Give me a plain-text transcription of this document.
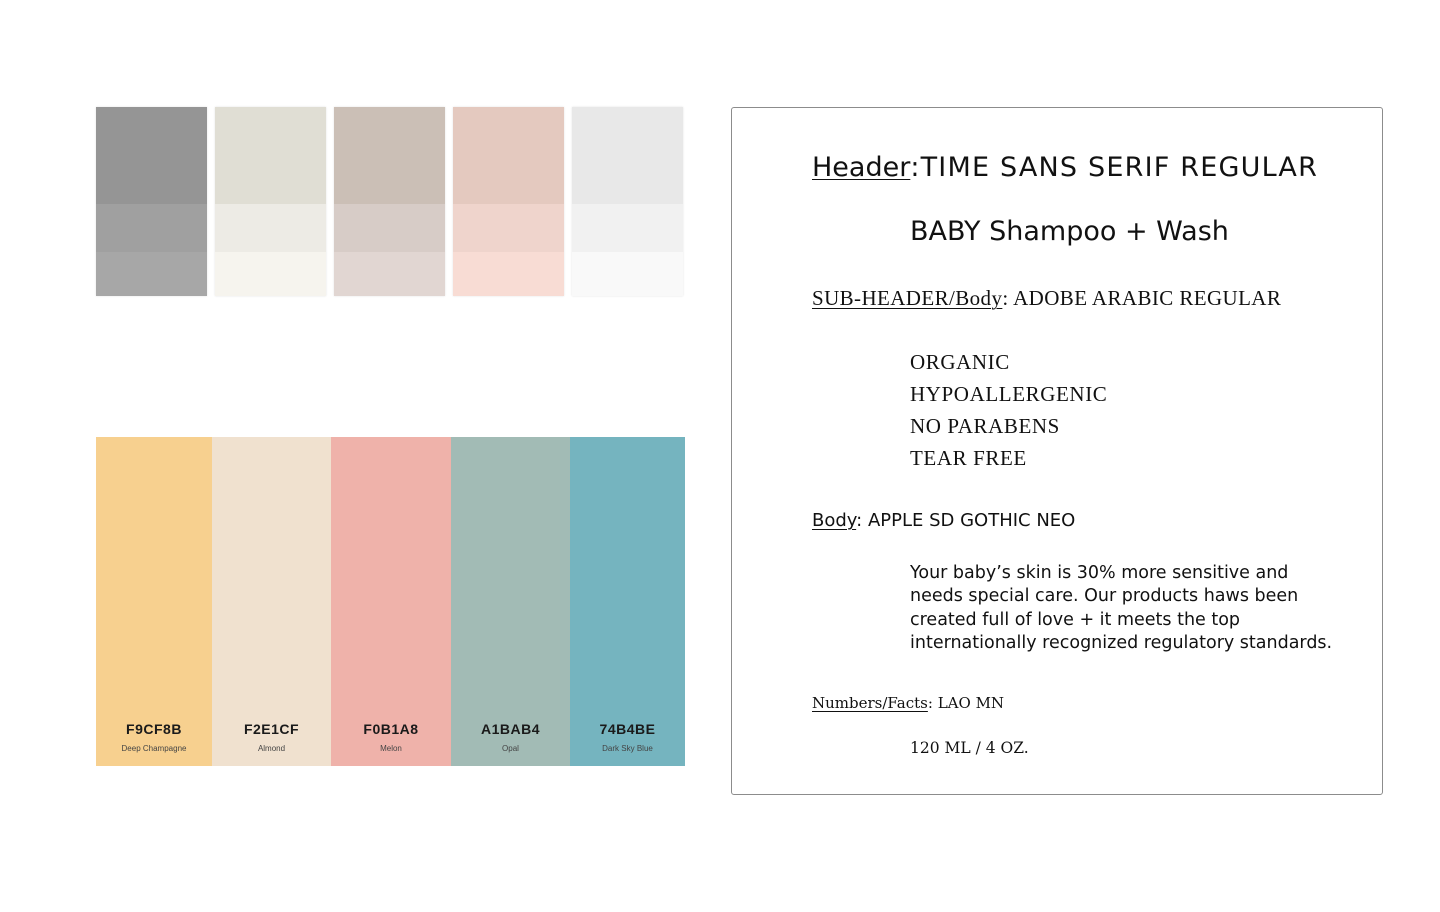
F9CF8B
Deep Champagne
F2E1CF
Almond
F0B1A8
Melon
A1BAB4
Opal
74B4BE
Dark Sky Blue
Header:TIME SANS SERIF REGULAR
BABY Shampoo + Wash
SUB-HEADER/Body: ADOBE ARABIC REGULAR
ORGANIC
HYPOALLERGENIC
NO PARABENS
TEAR FREE
Body: APPLE SD GOTHIC NEO
Your baby’s skin is 30% more sensitive and needs special care. Our products haws been created full of love + it meets the top internationally recognized regulatory standards.
Numbers/Facts: LAO MN
120 ML / 4 OZ.
